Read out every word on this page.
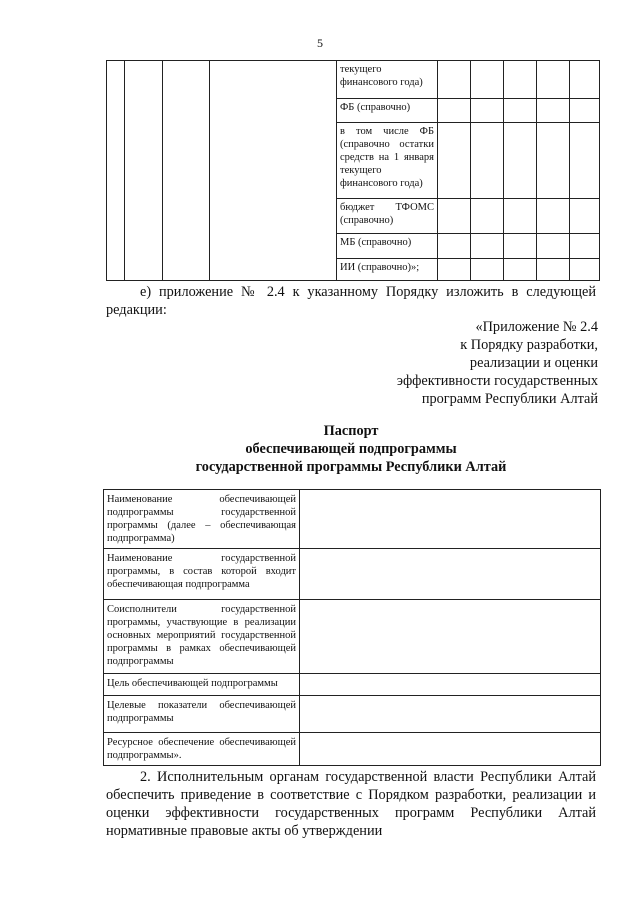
5

				текущего финансового года)					

				ФБ (справочно)					

				в том числе ФБ (справочно остатки средств на 1 января текущего финансового года)					

				бюджет ТФОМС (справочно)					

				МБ (справочно)					

				ИИ (справочно)»;					

е) приложение № 2.4 к указанному Порядку изложить в следующей
редакции:
«Приложение № 2.4
к Порядку разработки,
реализации и оценки
эффективности государственных
программ Республики Алтай
Паспорт
обеспечивающей подпрограммы
государственной программы Республики Алтай
Наименование обеспечивающей подпрограммы государственной программы (далее – обеспечивающая подпрограмма)	
Наименование государственной программы, в состав которой входит обеспечивающая подпрограмма	
Соисполнители государственной программы, участвующие в реализации основных мероприятий государственной программы в рамках обеспечивающей подпрограммы	
Цель обеспечивающей подпрограммы	
Целевые показатели обеспечивающей подпрограммы	
Ресурсное обеспечение обеспечивающей подпрограммы».	
2. Исполнительным органам государственной власти Республики Алтай обеспечить приведение в соответствие с Порядком разработки, реализации и оценки эффективности государственных программ Республики Алтай нормативные правовые акты об утверждении
